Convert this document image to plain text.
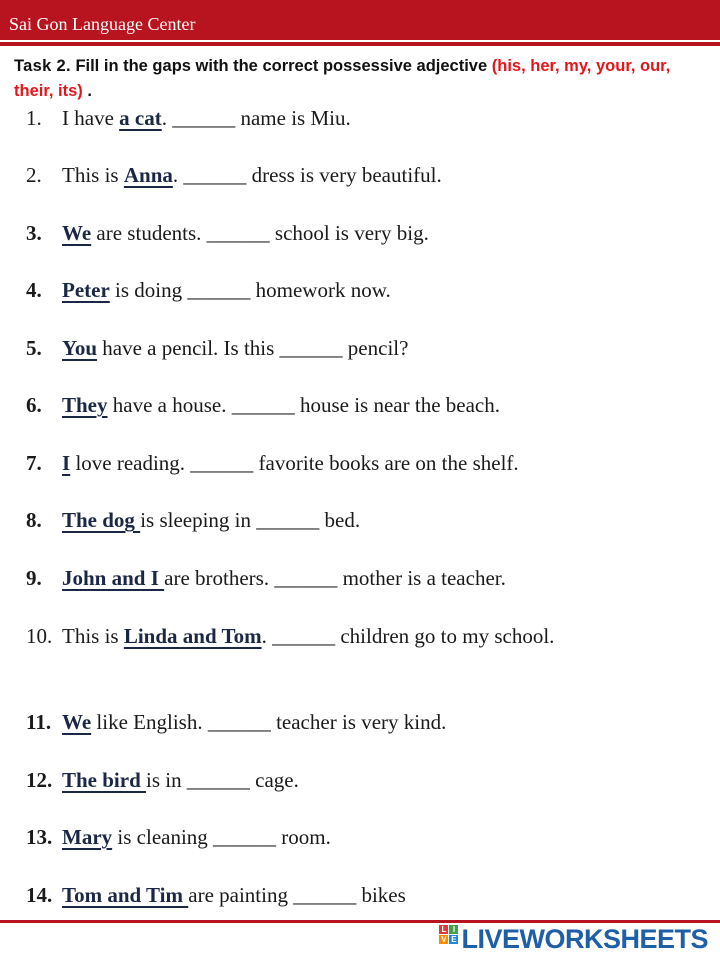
Sai Gon Language Center
Task 2. Fill in the gaps with the correct possessive adjective (his, her, my, your, our, their, its) .
1. I have a cat. ______ name is Miu.
2. This is Anna. ______ dress is very beautiful.
3. We are students. ______ school is very big.
4. Peter is doing ______ homework now.
5. You have a pencil. Is this ______ pencil?
6. They have a house. ______ house is near the beach.
7. I love reading. ______ favorite books are on the shelf.
8. The dog is sleeping in ______ bed.
9. John and I are brothers. ______ mother is a teacher.
10. This is Linda and Tom. ______ children go to my school.
11. We like English. ______ teacher is very kind.
12. The bird is in ______ cage.
13. Mary is cleaning ______ room.
14. Tom and Tim are painting ______ bikes
L I
V E LIVEWORKSHEETS
